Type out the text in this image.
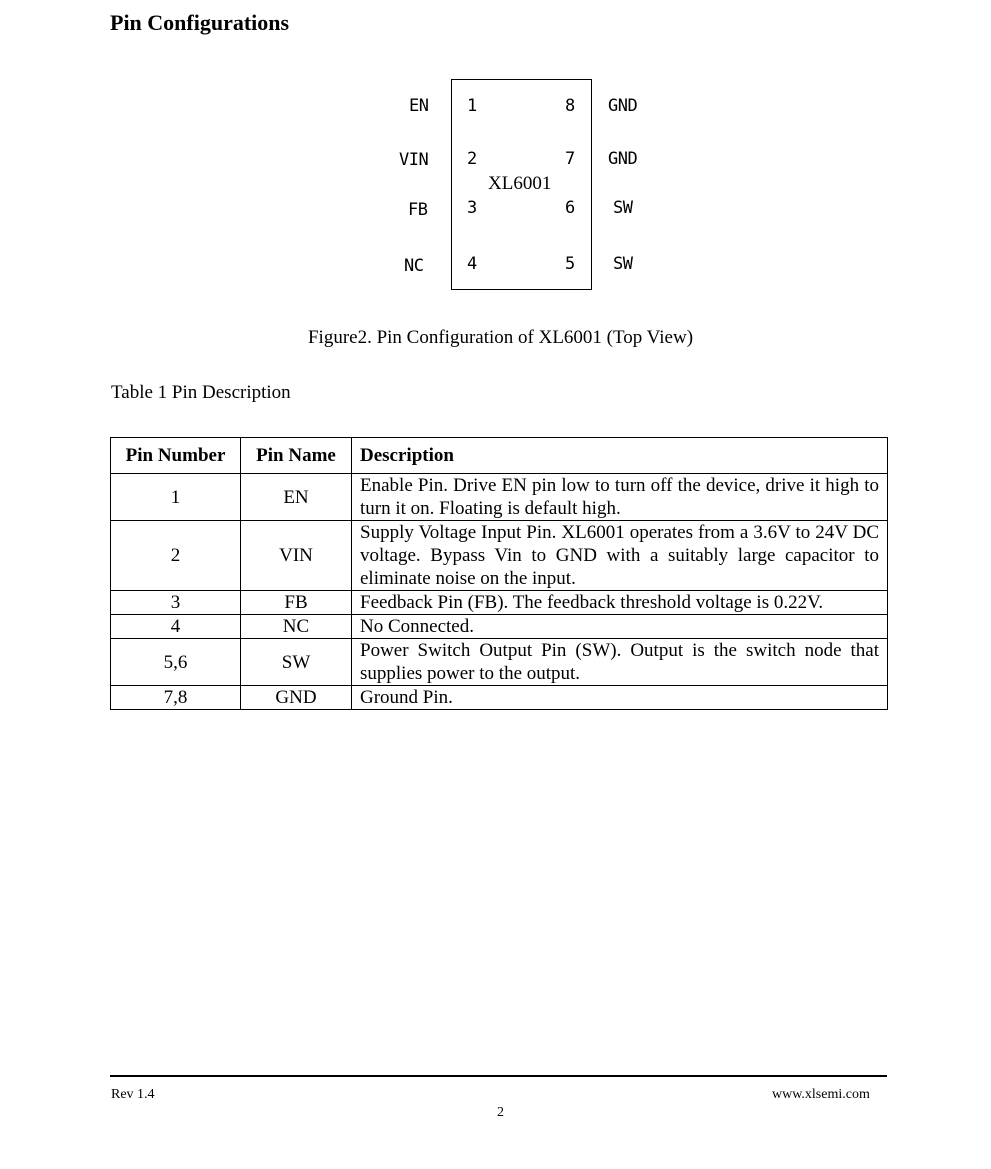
Pin Configurations
XL6001
EN 1
VIN 2
FB 3
NC	4
8 GND
7 GND
6 SW
5 SW
Figure2. Pin Configuration of XL6001 (Top View)
Table 1 Pin Description
Pin Number	Pin Name	Description
1	EN	Enable Pin. Drive EN pin low to turn off the device, drive it high to turn it on. Floating is default high.
2	VIN	Supply Voltage Input Pin. XL6001 operates from a 3.6V to 24V DC voltage. Bypass Vin to GND with a suitably large capacitor to eliminate noise on the input.
3	FB	Feedback Pin (FB). The feedback threshold voltage is 0.22V.
4	NC	No Connected.
5,6	SW	Power Switch Output Pin (SW). Output is the switch node that supplies power to the output.
7,8	GND	Ground Pin.
Rev 1.4	www.xlsemi.com
2
